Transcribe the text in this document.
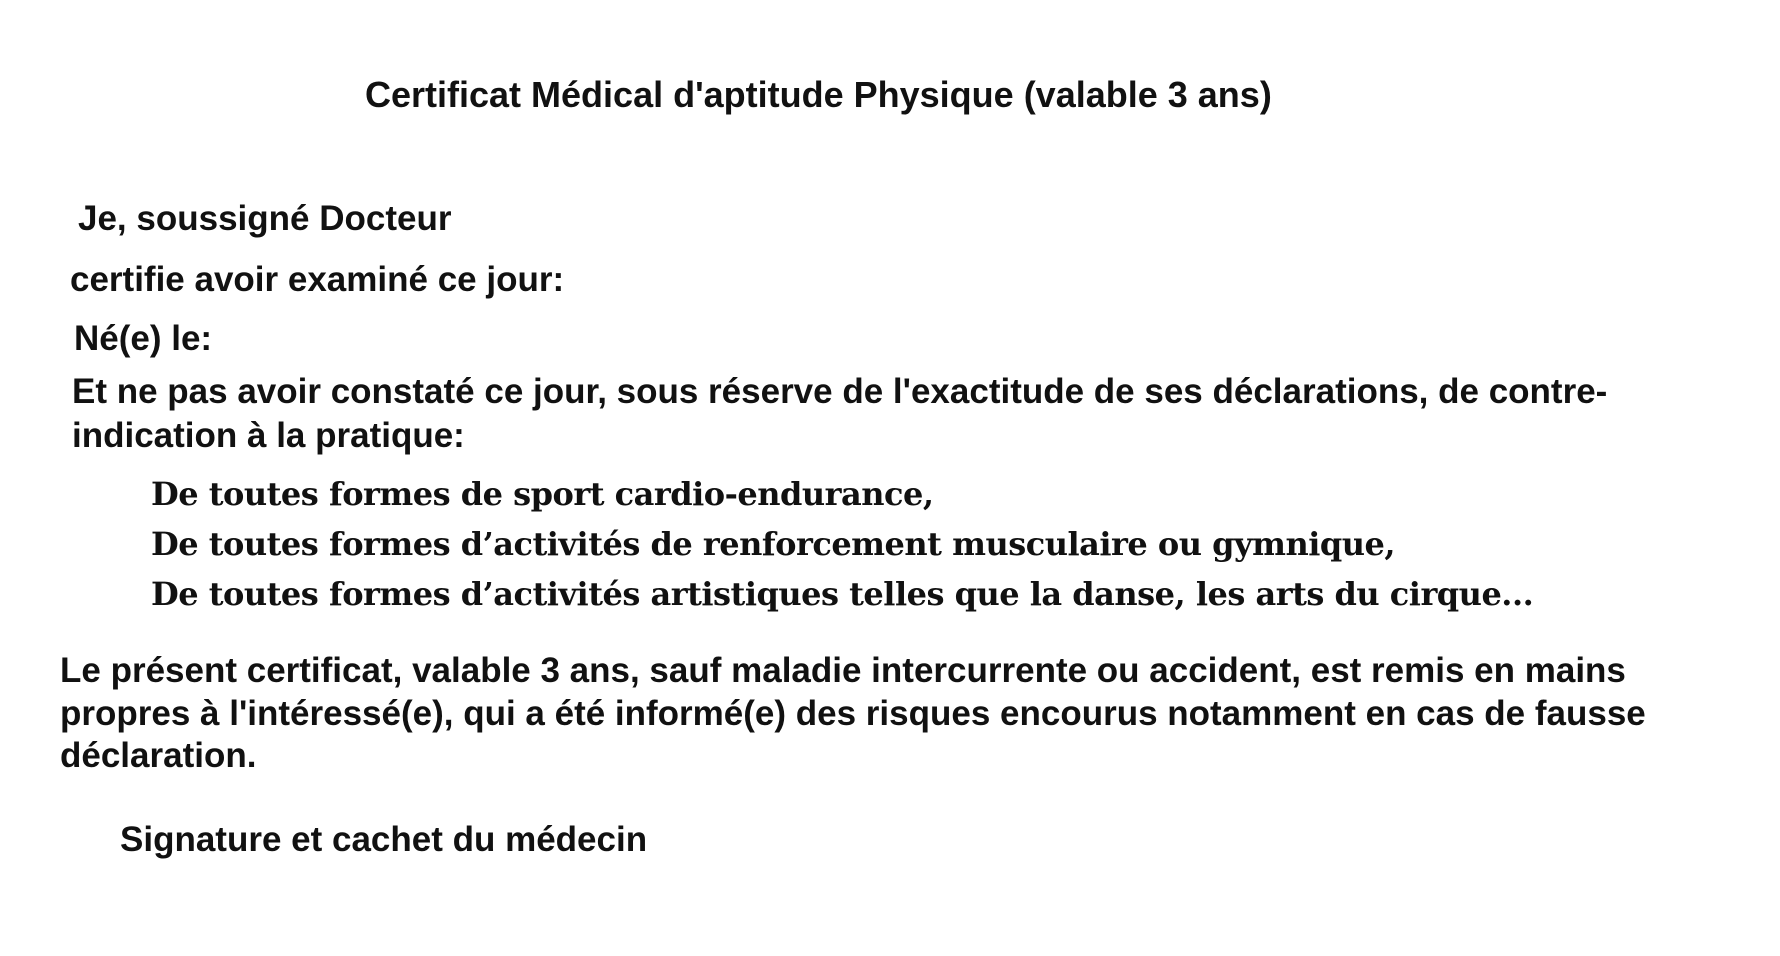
Certificat Médical d'aptitude Physique (valable 3 ans)
Je, soussigné Docteur
certifie avoir examiné ce jour:
Né(e) le:
Et ne pas avoir constaté ce jour, sous réserve de l'exactitude de ses déclarations, de contre-
indication à la pratique:
De toutes formes de sport cardio-endurance,
De toutes formes d’activités de renforcement musculaire ou gymnique,
De toutes formes d’activités artistiques telles que la danse, les arts du cirque...
Le présent certificat, valable 3 ans, sauf maladie intercurrente ou accident, est remis en mains
propres à l'intéressé(e), qui a été informé(e) des risques encourus notamment en cas de fausse
déclaration.
Signature et cachet du médecin
